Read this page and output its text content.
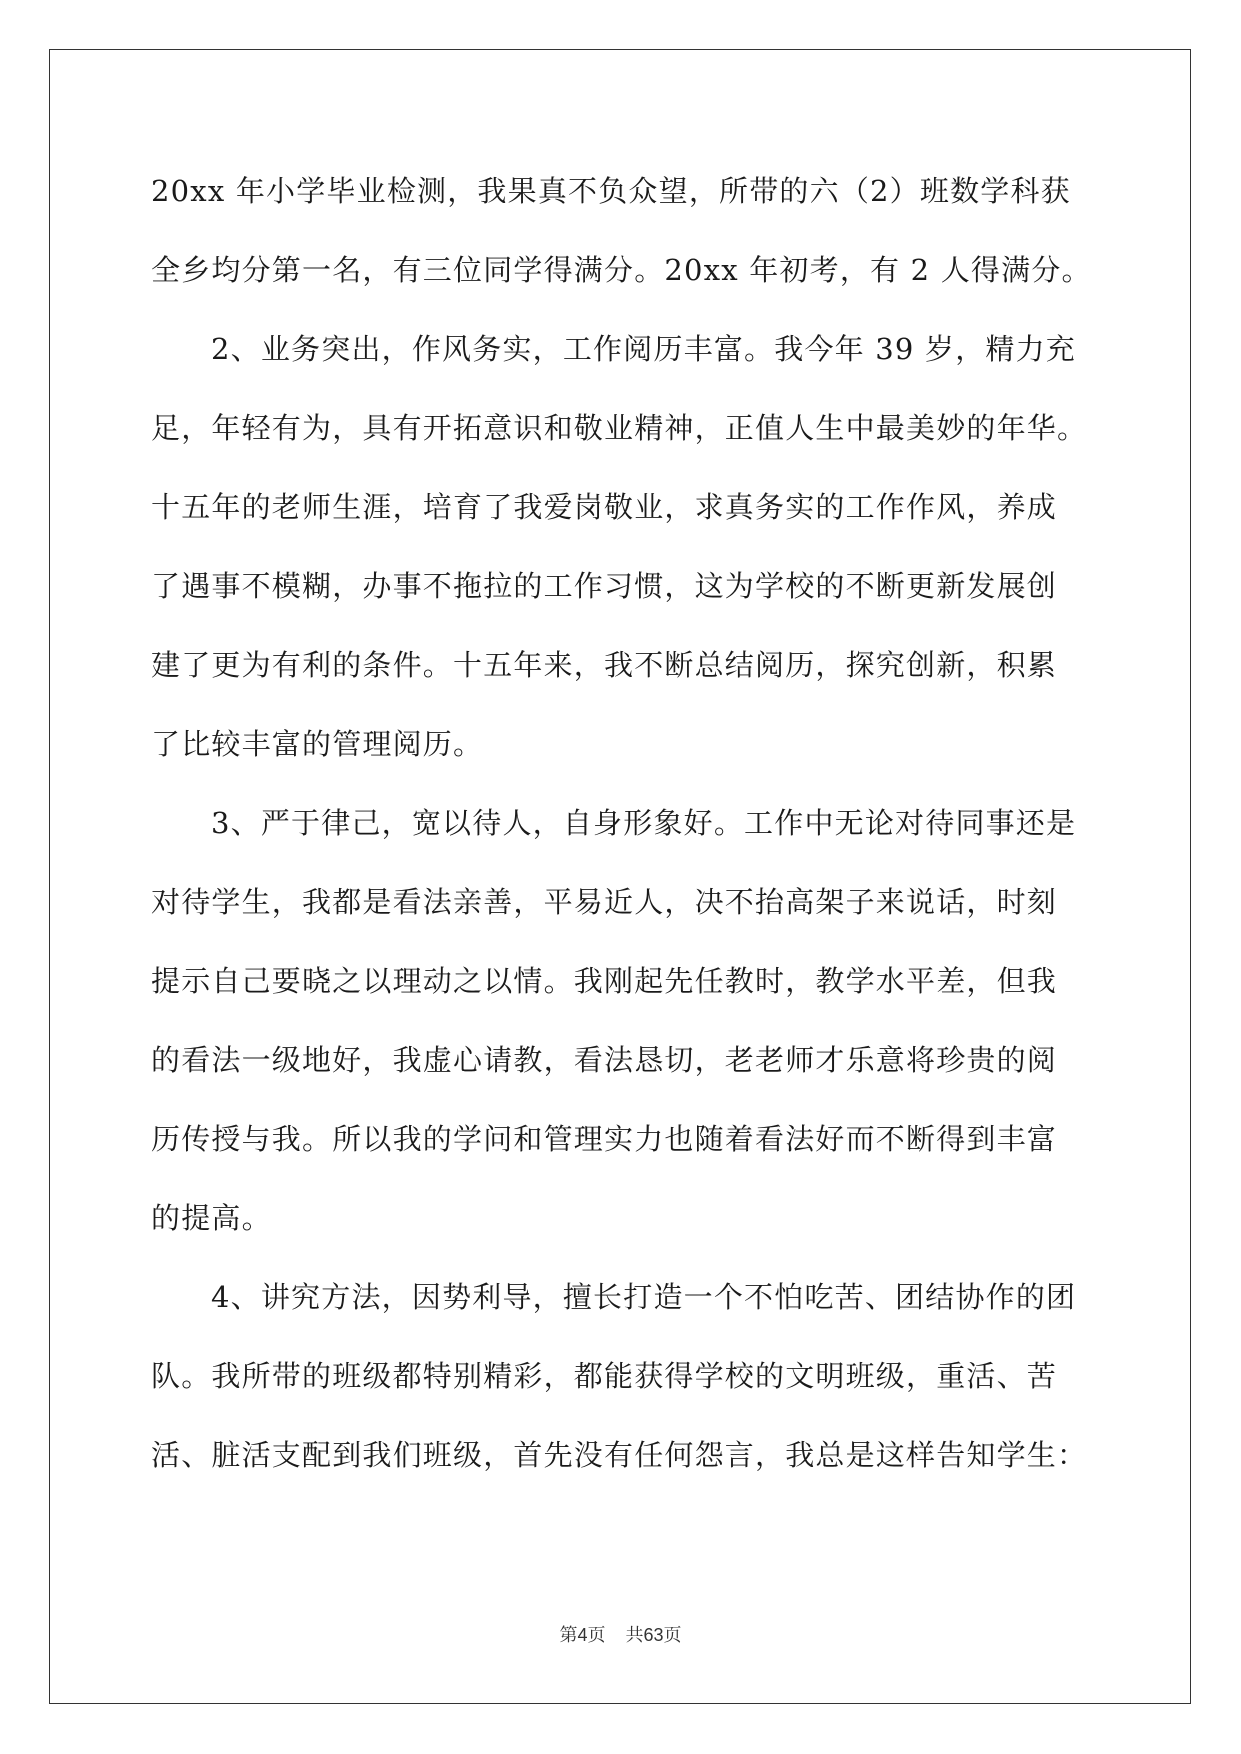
20xx 年小学毕业检测，我果真不负众望，所带的六（2）班数学科获
全乡均分第一名，有三位同学得满分。20xx 年初考，有 2 人得满分。
2、业务突出，作风务实，工作阅历丰富。我今年 39 岁，精力充
足，年轻有为，具有开拓意识和敬业精神，正值人生中最美妙的年华。
十五年的老师生涯，培育了我爱岗敬业，求真务实的工作作风，养成
了遇事不模糊，办事不拖拉的工作习惯，这为学校的不断更新发展创
建了更为有利的条件。十五年来，我不断总结阅历，探究创新，积累
了比较丰富的管理阅历。
3、严于律己，宽以待人，自身形象好。工作中无论对待同事还是
对待学生，我都是看法亲善，平易近人，决不抬高架子来说话，时刻
提示自己要晓之以理动之以情。我刚起先任教时，教学水平差，但我
的看法一级地好，我虚心请教，看法恳切，老老师才乐意将珍贵的阅
历传授与我。所以我的学问和管理实力也随着看法好而不断得到丰富
的提高。
4、讲究方法，因势利导，擅长打造一个不怕吃苦、团结协作的团
队。我所带的班级都特别精彩，都能获得学校的文明班级，重活、苦
活、脏活支配到我们班级，首先没有任何怨言，我总是这样告知学生：
第4页 共63页
